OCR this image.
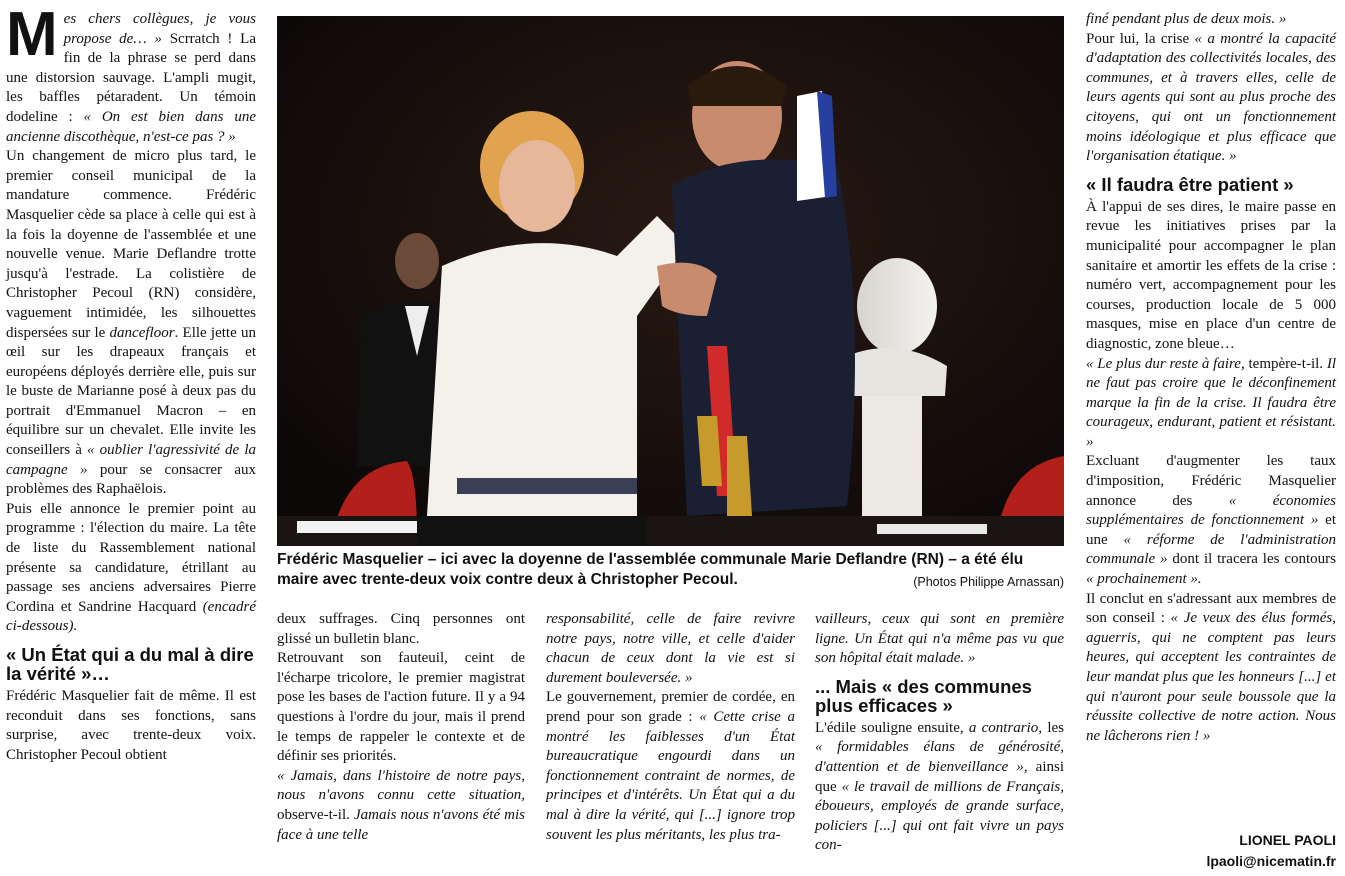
Mes chers collègues, je vous propose de… » Scrratch ! La fin de la phrase se perd dans une distorsion sauvage. L'ampli mugit, les baffles pétaradent. Un témoin dodeline : « On est bien dans une ancienne discothèque, n'est-ce pas ? »

Un changement de micro plus tard, le premier conseil municipal de la mandature commence. Frédéric Masquelier cède sa place à celle qui est à la fois la doyenne de l'assemblée et une nouvelle venue. Marie Deflandre trotte jusqu'à l'estrade. La colistière de Christopher Pecoul (RN) considère, vaguement intimidée, les silhouettes dispersées sur le dancefloor. Elle jette un œil sur les drapeaux français et européens déployés derrière elle, puis sur le buste de Marianne posé à deux pas du portrait d'Emmanuel Macron – en équilibre sur un chevalet. Elle invite les conseillers à « oublier l'agressivité de la campagne » pour se consacrer aux problèmes des Raphaëlois.

Puis elle annonce le premier point au programme : l'élection du maire. La tête de liste du Rassemblement national présente sa candidature, étrillant au passage ses anciens adversaires Pierre Cordina et Sandrine Hacquard (encadré ci-dessous).

« Un État qui a du mal à dire la vérité »…

Frédéric Masquelier fait de même. Il est reconduit dans ses fonctions, sans surprise, avec trente-deux voix. Christopher Pecoul obtient

Frédéric Masquelier – ici avec la doyenne de l'assemblée communale Marie Deflandre (RN) – a été élu maire avec trente-deux voix contre deux à Christopher Pecoul.	(Photos Philippe Arnassan)

deux suffrages. Cinq personnes ont glissé un bulletin blanc.

Retrouvant son fauteuil, ceint de l'écharpe tricolore, le premier magistrat pose les bases de l'action future. Il y a 94 questions à l'ordre du jour, mais il prend le temps de rappeler le contexte et de définir ses priorités.

« Jamais, dans l'histoire de notre pays, nous n'avons connu cette situation, observe-t-il. Jamais nous n'avons été mis face à une telle

responsabilité, celle de faire revivre notre pays, notre ville, et celle d'aider chacun de ceux dont la vie est si durement bouleversée. »

Le gouvernement, premier de cordée, en prend pour son grade : « Cette crise a montré les faiblesses d'un État bureaucratique engourdi dans un fonctionnement contraint de normes, de principes et d'intérêts. Un État qui a du mal à dire la vérité, qui [...] ignore trop souvent les plus méritants, les plus tra-

vailleurs, ceux qui sont en première ligne. Un État qui n'a même pas vu que son hôpital était malade. »

... Mais « des communes plus efficaces »

L'édile souligne ensuite, a contrario, les « formidables élans de générosité, d'attention et de bienveillance », ainsi que « le travail de millions de Français, éboueurs, employés de grande surface, policiers [...] qui ont fait vivre un pays con-

finé pendant plus de deux mois. »

Pour lui, la crise « a montré la capacité d'adaptation des collectivités locales, des communes, et à travers elles, celle de leurs agents qui sont au plus proche des citoyens, qui ont un fonctionnement moins idéologique et plus efficace que l'organisation étatique. »

« Il faudra être patient »

À l'appui de ses dires, le maire passe en revue les initiatives prises par la municipalité pour accompagner le plan sanitaire et amortir les effets de la crise : numéro vert, accompagnement pour les courses, production locale de 5 000 masques, mise en place d'un centre de diagnostic, zone bleue…

« Le plus dur reste à faire, tempère-t-il. Il ne faut pas croire que le déconfinement marque la fin de la crise. Il faudra être courageux, endurant, patient et résistant. »

Excluant d'augmenter les taux d'imposition, Frédéric Masquelier annonce des « économies supplémentaires de fonctionnement » et une « réforme de l'administration communale » dont il tracera les contours « prochainement ».

Il conclut en s'adressant aux membres de son conseil : « Je veux des élus formés, aguerris, qui ne comptent pas leurs heures, qui acceptent les contraintes de leur mandat plus que les honneurs [...] et qui n'auront pour seule boussole que la réussite collective de notre action. Nous ne lâcherons rien ! »

LIONEL PAOLI
lpaoli@nicematin.fr
